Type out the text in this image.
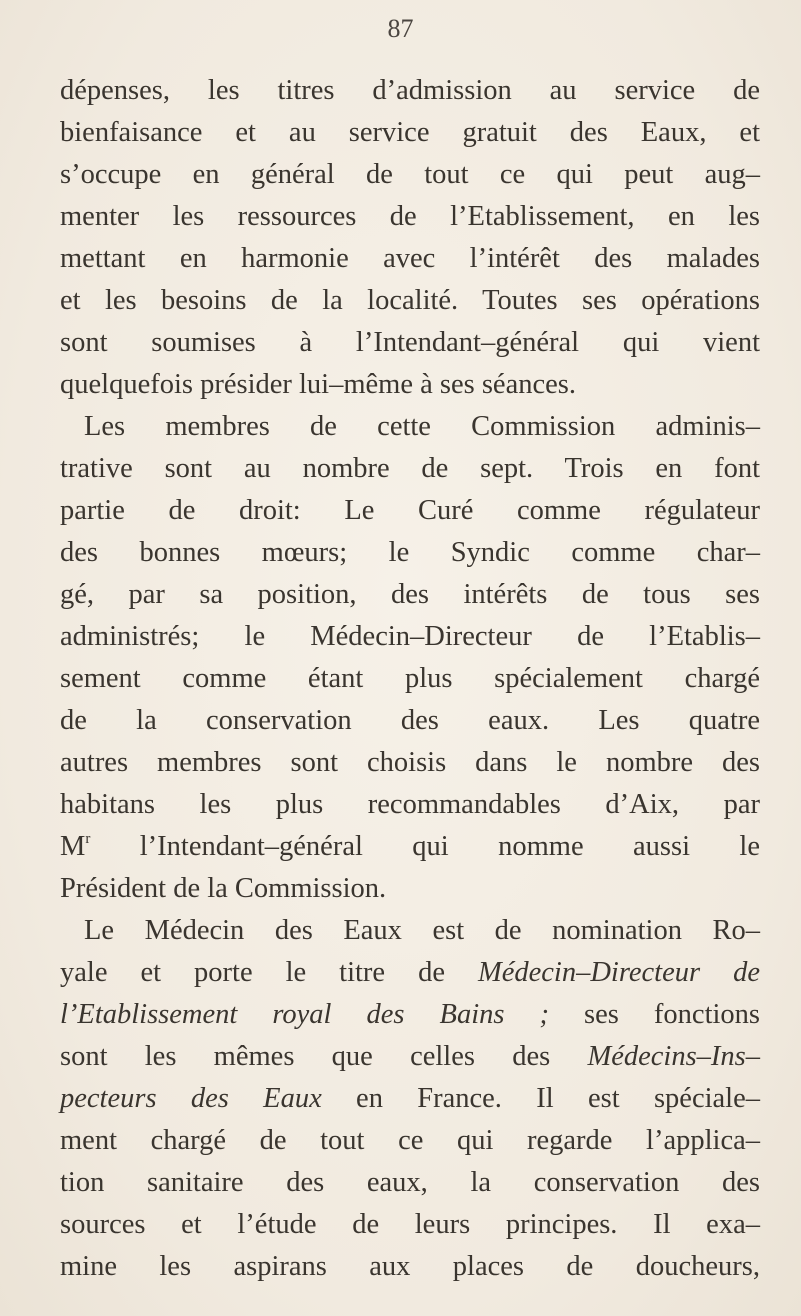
87
dépenses, les titres d’admission au service de
bienfaisance et au service gratuit des Eaux, et
s’occupe en général de tout ce qui peut aug–
menter les ressources de l’Etablissement, en les
mettant en harmonie avec l’intérêt des malades
et les besoins de la localité. Toutes ses opérations
sont soumises à l’Intendant–général qui vient
quelquefois présider lui–même à ses séances.
Les membres de cette Commission adminis–
trative sont au nombre de sept. Trois en font
partie de droit: Le Curé comme régulateur
des bonnes mœurs; le Syndic comme char–
gé, par sa position, des intérêts de tous ses
administrés; le Médecin–Directeur de l’Etablis–
sement comme étant plus spécialement chargé
de la conservation des eaux. Les quatre
autres membres sont choisis dans le nombre des
habitans les plus recommandables d’Aix, par
$M^r$ l’Intendant–général qui nomme aussi le
Président de la Commission.
Le Médecin des Eaux est de nomination Ro–
yale et porte le titre de Médecin–Directeur de
l’Etablissement royal des Bains ; ses fonctions
sont les mêmes que celles des Médecins–Ins–
pecteurs des Eaux en France. Il est spéciale–
ment chargé de tout ce qui regarde l’applica–
tion sanitaire des eaux, la conservation des
sources et l’étude de leurs principes. Il exa–
mine les aspirans aux places de doucheurs,
